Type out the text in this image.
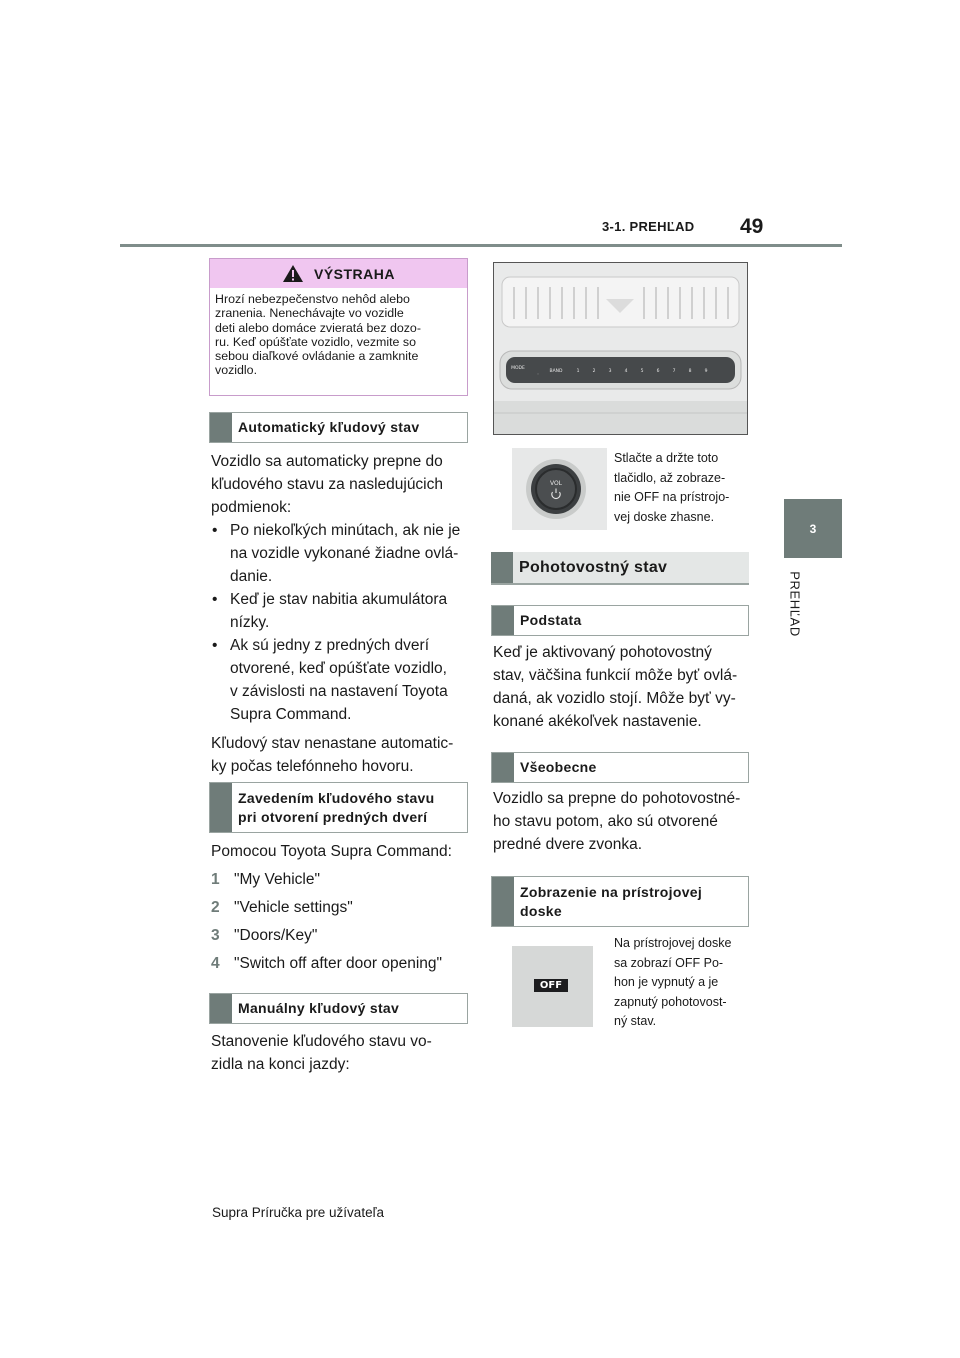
3-1. PREHĽAD 49
3
PREHĽAD
VÝSTRAHA
Hrozí nebezpečenstvo nehôd alebo
zranenia. Nenechávajte vo vozidle
deti alebo domáce zvieratá bez dozo-
ru. Keď opúšťate vozidlo, vezmite so
sebou diaľkové ovládanie a zamknite
vozidlo.
Automatický kľudový stav
Vozidlo sa automaticky prepne do
kľudového stavu za nasledujúcich
podmienok:
• Po niekoľkých minútach, ak nie je
na vozidle vykonané žiadne ovlá-
danie.
• Keď je stav nabitia akumulátora
nízky.
• Ak sú jedny z predných dverí
otvorené, keď opúšťate vozidlo,
v závislosti na nastavení Toyota
Supra Command.
Kľudový stav nenastane automatic-
ky počas telefónneho hovoru.
Zavedením kľudového stavu
pri otvorení predných dverí
Pomocou Toyota Supra Command:
1 "My Vehicle"
2 "Vehicle settings"
3 "Doors/Key"
4 "Switch off after door opening"
Manuálny kľudový stav
Stanovenie kľudového stavu vo-
zidla na konci jazdy:
MODE
◦ BAND	1	2	3	4	5	6	7	8	9
VOL
Stlačte a držte toto
tlačidlo, až zobraze-
nie OFF na prístrojo-
vej doske zhasne.
Pohotovostný stav
Podstata
Keď je aktivovaný pohotovostný
stav, väčšina funkcií môže byť ovlá-
daná, ak vozidlo stojí. Môže byť vy-
konané akékoľvek nastavenie.
Všeobecne
Vozidlo sa prepne do pohotovostné-
ho stavu potom, ako sú otvorené
predné dvere zvonka.
Zobrazenie na prístrojovej
doske
OFF
Na prístrojovej doske
sa zobrazí OFF Po-
hon je vypnutý a je
zapnutý pohotovost-
ný stav.
Supra Príručka pre užívateľa
